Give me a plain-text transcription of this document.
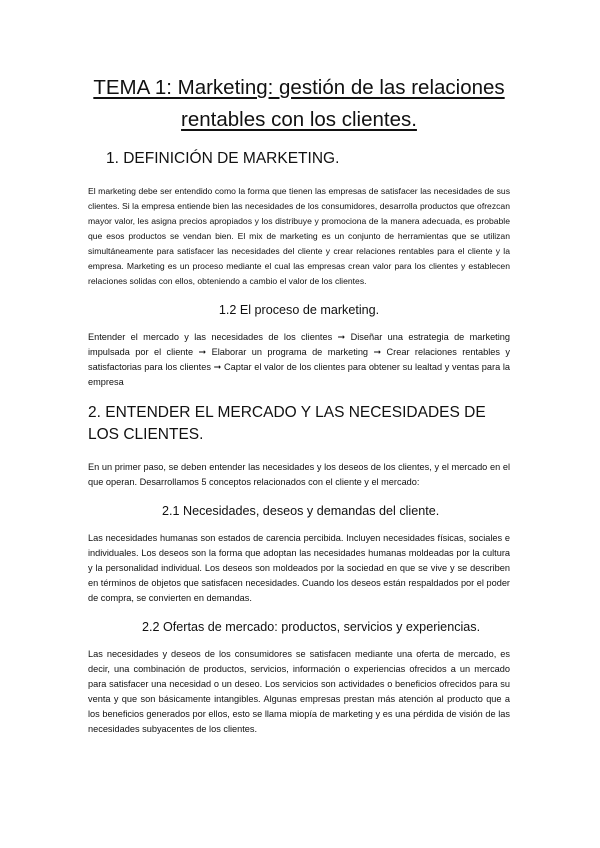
TEMA 1: Marketing: gestión de las relaciones rentables con los clientes.
1. DEFINICIÓN DE MARKETING.

El marketing debe ser entendido como la forma que tienen las empresas de satisfacer las necesidades de sus clientes. Si la empresa entiende bien las necesidades de los consumidores, desarrolla productos que ofrezcan mayor valor, les asigna precios apropiados y los distribuye y promociona de la manera adecuada, es probable que esos productos se vendan bien. El mix de marketing es un conjunto de herramientas que se utilizan simultáneamente para satisfacer las necesidades del cliente y crear relaciones rentables para el cliente y la empresa. Marketing es un proceso mediante el cual las empresas crean valor para los clientes y establecen relaciones solidas con ellos, obteniendo a cambio el valor de los clientes.

1.2 El proceso de marketing.

Entender el mercado y las necesidades de los clientes ➞ Diseñar una estrategia de marketing impulsada por el cliente ➞ Elaborar un programa de marketing ➞ Crear relaciones rentables y satisfactorias para los clientes ➞ Captar el valor de los clientes para obtener su lealtad y ventas para la empresa

2. ENTENDER EL MERCADO Y LAS NECESIDADES DE LOS CLIENTES.

En un primer paso, se deben entender las necesidades y los deseos de los clientes, y el mercado en el que operan. Desarrollamos 5 conceptos relacionados con el cliente y el mercado:

2.1 Necesidades, deseos y demandas del cliente.

Las necesidades humanas son estados de carencia percibida. Incluyen necesidades físicas, sociales e individuales. Los deseos son la forma que adoptan las necesidades humanas moldeadas por la cultura y la personalidad individual. Los deseos son moldeados por la sociedad en que se vive y se describen en términos de objetos que satisfacen necesidades. Cuando los deseos están respaldados por el poder de compra, se convierten en demandas.

2.2 Ofertas de mercado: productos, servicios y experiencias.

Las necesidades y deseos de los consumidores se satisfacen mediante una oferta de mercado, es decir, una combinación de productos, servicios, información o experiencias ofrecidos a un mercado para satisfacer una necesidad o un deseo. Los servicios son actividades o beneficios ofrecidos para su venta y que son básicamente intangibles. Algunas empresas prestan más atención al producto que a los beneficios generados por ellos, esto se llama miopía de marketing y es una pérdida de visión de las necesidades subyacentes de los clientes.
